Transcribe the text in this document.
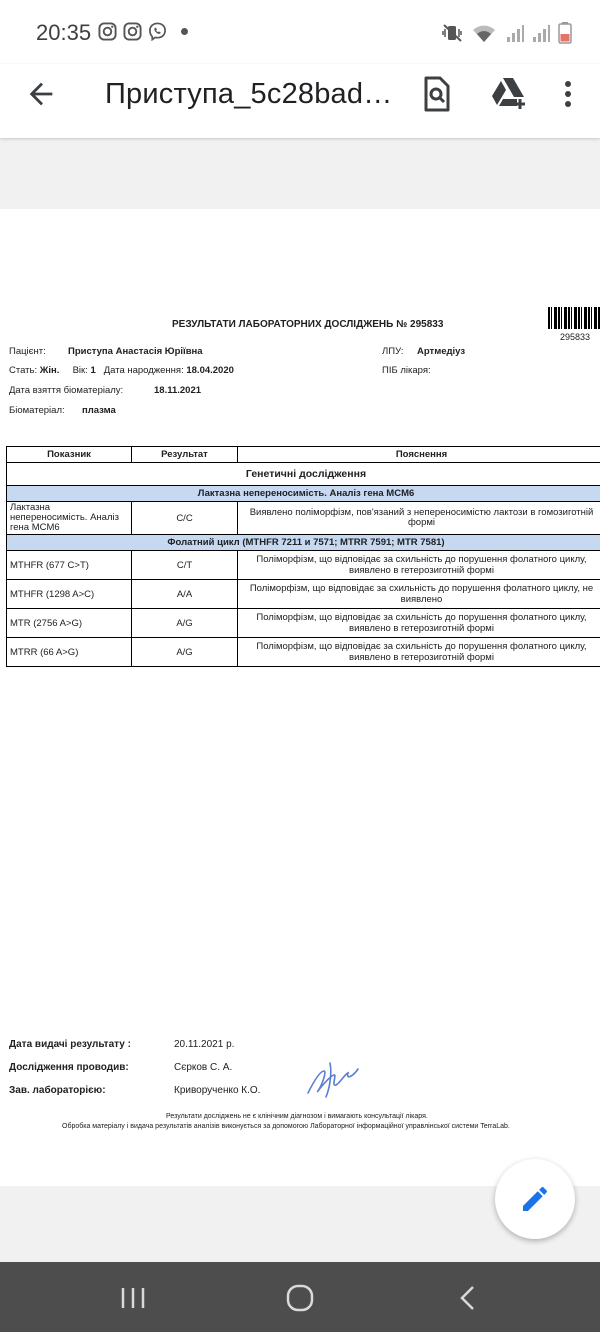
20:35
Приступа_5c28bad…
РЕЗУЛЬТАТИ ЛАБОРАТОРНИХ ДОСЛІДЖЕНЬ № 295833
295833
Пацієнт: Приступа Анастасія Юріївна	ЛПУ: Артмедіуз
Стать: Жін. Вік: 1 Дата народження: 18.04.2020	ПІБ лікаря:
Дата взяття біоматеріалу:	18.11.2021
Біоматеріал: плазма
Показник	Результат	Пояснення
Генетичні дослідження		
Лактазна непереносимість. Аналіз гена MCM6		
Лактазна непереносимість. Аналіз гена MCM6	C/C	Виявлено поліморфізм, пов'язаний з непереносимістю лактози в гомозиготній формі
Фолатний цикл (MTHFR 7211 и 7571; MTRR 7591; MTR 7581)		
MTHFR (677 C>T)	C/T	Поліморфізм, що відповідає за схильність до порушення фолатного циклу, виявлено в гетерозиготній формі
MTHFR (1298 A>C)	A/A	Поліморфізм, що відповідає за схильність до порушення фолатного циклу, не виявлено
MTR (2756 A>G)	A/G	Поліморфізм, що відповідає за схильність до порушення фолатного циклу, виявлено в гетерозиготній формі
MTRR (66 A>G)	A/G	Поліморфізм, що відповідає за схильність до порушення фолатного циклу, виявлено в гетерозиготній формі
Дата видачі результату :	20.11.2021 р.
Дослідження проводив:	Сєрков С. А.
Зав. лабораторією:	Криворученко К.О.
Результати досліджень не є клінічним діагнозом і вимагають консультації лікаря.
Обробка матеріалу і видача результатів аналізів виконується за допомогою Лабораторної інформаційної управлінської системи TerraLab.
